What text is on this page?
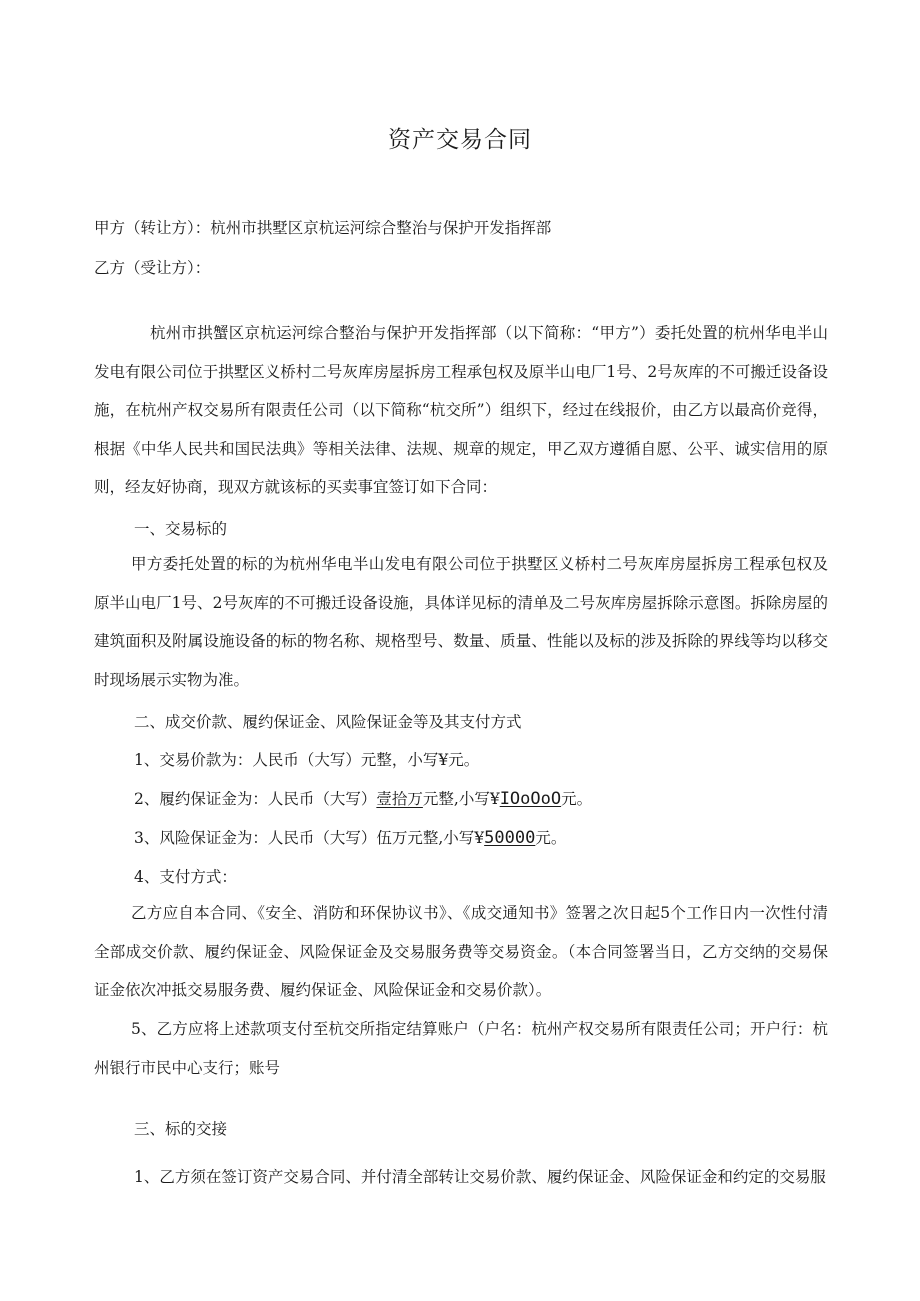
资产交易合同
甲方（转让方）：杭州市拱墅区京杭运河综合整治与保护开发指挥部
乙方（受让方）：
杭州市拱蟹区京杭运河综合整治与保护开发指挥部（以下简称：“甲方”）委托处置的杭州华电半山发电有限公司位于拱墅区义桥村二号灰库房屋拆房工程承包权及原半山电厂1号、2号灰库的不可搬迁设备设施，在杭州产权交易所有限责任公司（以下简称“杭交所”）组织下，经过在线报价，由乙方以最高价竞得，根据《中华人民共和国民法典》等相关法律、法规、规章的规定，甲乙双方遵循自愿、公平、诚实信用的原则，经友好协商，现双方就该标的买卖事宜签订如下合同：
一、交易标的
甲方委托处置的标的为杭州华电半山发电有限公司位于拱墅区义桥村二号灰库房屋拆房工程承包权及原半山电厂1号、2号灰库的不可搬迁设备设施，具体详见标的清单及二号灰库房屋拆除示意图。拆除房屋的建筑面积及附属设施设备的标的物名称、规格型号、数量、质量、性能以及标的涉及拆除的界线等均以移交时现场展示实物为准。
二、成交价款、履约保证金、风险保证金等及其支付方式
1、交易价款为：人民币（大写）元整，小写¥元。
2、履约保证金为：人民币（大写）壹拾万元整,小写¥IOoOoO元。
3、风险保证金为：人民币（大写）伍万元整,小写¥50000元。
4、支付方式：
乙方应自本合同、《安全、消防和环保协议书》、《成交通知书》签署之次日起5个工作日内一次性付清全部成交价款、履约保证金、风险保证金及交易服务费等交易资金。（本合同签署当日，乙方交纳的交易保证金依次冲抵交易服务费、履约保证金、风险保证金和交易价款）。
5、乙方应将上述款项支付至杭交所指定结算账户（户名：杭州产权交易所有限责任公司；开户行：杭州银行市民中心支行；账号
三、标的交接
1、乙方须在签订资产交易合同、并付清全部转让交易价款、履约保证金、风险保证金和约定的交易服
